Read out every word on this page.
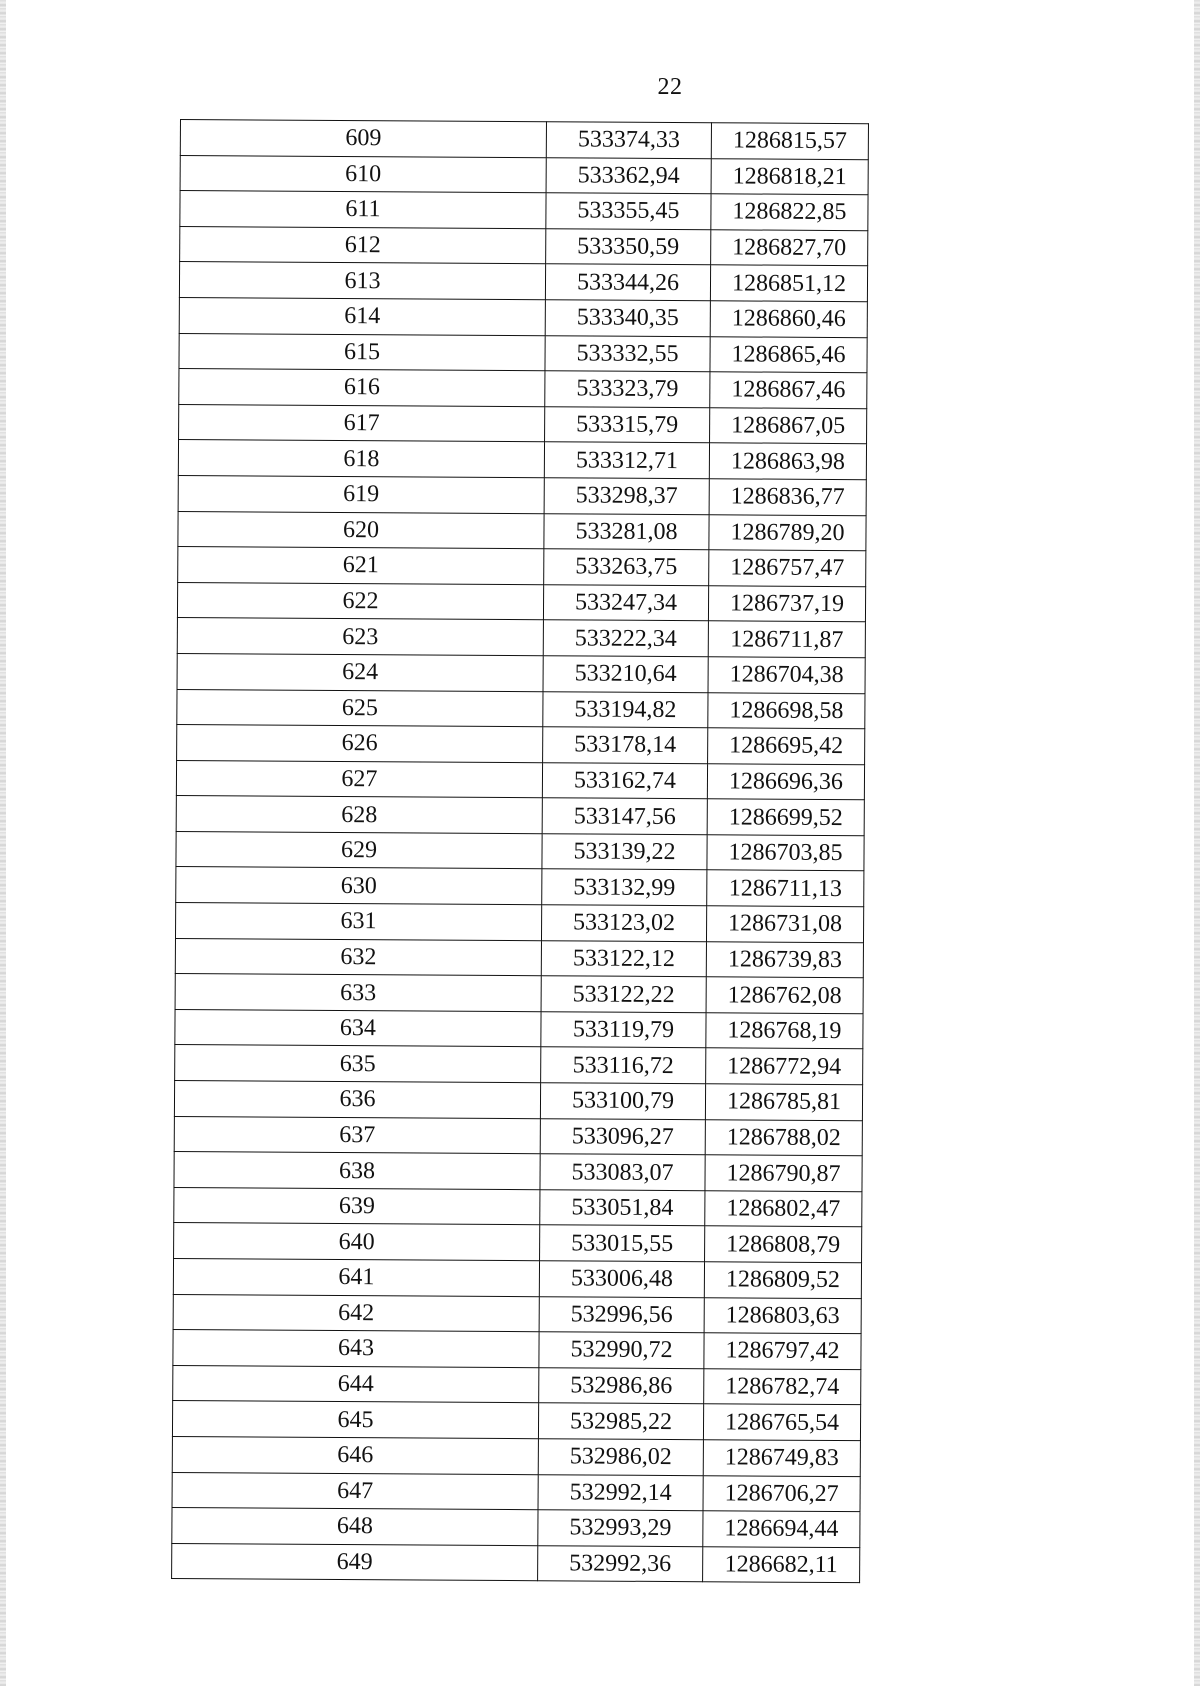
22
609	533374,33	1286815,57
610	533362,94	1286818,21
611	533355,45	1286822,85
612	533350,59	1286827,70
613	533344,26	1286851,12
614	533340,35	1286860,46
615	533332,55	1286865,46
616	533323,79	1286867,46
617	533315,79	1286867,05
618	533312,71	1286863,98
619	533298,37	1286836,77
620	533281,08	1286789,20
621	533263,75	1286757,47
622	533247,34	1286737,19
623	533222,34	1286711,87
624	533210,64	1286704,38
625	533194,82	1286698,58
626	533178,14	1286695,42
627	533162,74	1286696,36
628	533147,56	1286699,52
629	533139,22	1286703,85
630	533132,99	1286711,13
631	533123,02	1286731,08
632	533122,12	1286739,83
633	533122,22	1286762,08
634	533119,79	1286768,19
635	533116,72	1286772,94
636	533100,79	1286785,81
637	533096,27	1286788,02
638	533083,07	1286790,87
639	533051,84	1286802,47
640	533015,55	1286808,79
641	533006,48	1286809,52
642	532996,56	1286803,63
643	532990,72	1286797,42
644	532986,86	1286782,74
645	532985,22	1286765,54
646	532986,02	1286749,83
647	532992,14	1286706,27
648	532993,29	1286694,44
649	532992,36	1286682,11
